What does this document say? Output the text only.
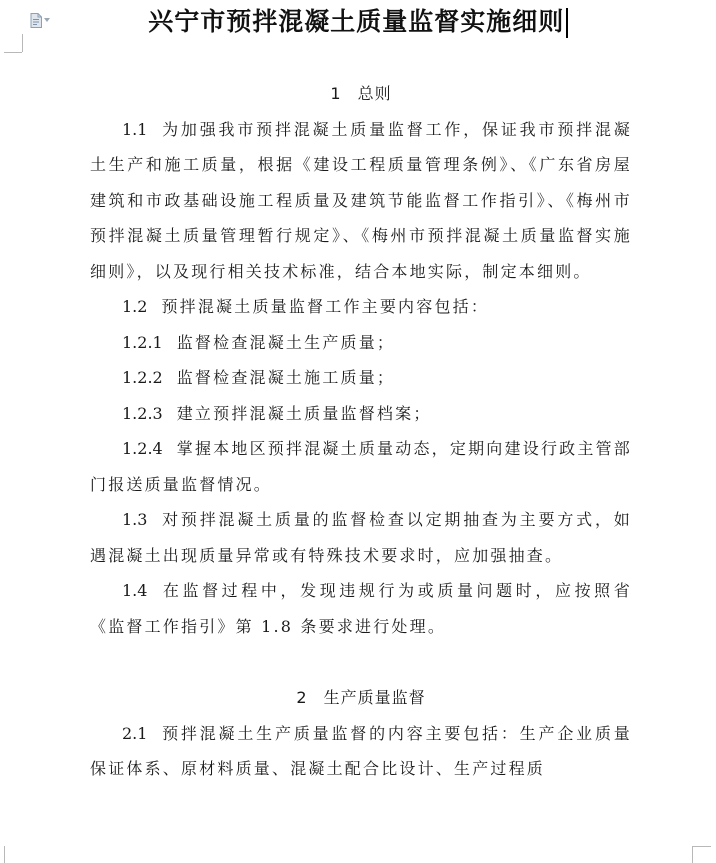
兴宁市预拌混凝土质量监督实施细则

1 总则

1.1 为加强我市预拌混凝土质量监督工作，保证我市预拌混凝土生产和施工质量，根据《建设工程质量管理条例》、《广东省房屋建筑和市政基础设施工程质量及建筑节能监督工作指引》、《梅州市预拌混凝土质量管理暂行规定》、《梅州市预拌混凝土质量监督实施细则》，以及现行相关技术标准，结合本地实际，制定本细则。

1.2 预拌混凝土质量监督工作主要内容包括：

1.2.1 监督检查混凝土生产质量；

1.2.2 监督检查混凝土施工质量；

1.2.3 建立预拌混凝土质量监督档案；

1.2.4 掌握本地区预拌混凝土质量动态，定期向建设行政主管部门报送质量监督情况。

1.3 对预拌混凝土质量的监督检查以定期抽查为主要方式，如遇混凝土出现质量异常或有特殊技术要求时，应加强抽查。

1.4 在监督过程中，发现违规行为或质量问题时，应按照省《监督工作指引》第 1.8 条要求进行处理。

2 生产质量监督

2.1 预拌混凝土生产质量监督的内容主要包括：生产企业质量保证体系、原材料质量、混凝土配合比设计、生产过程质
